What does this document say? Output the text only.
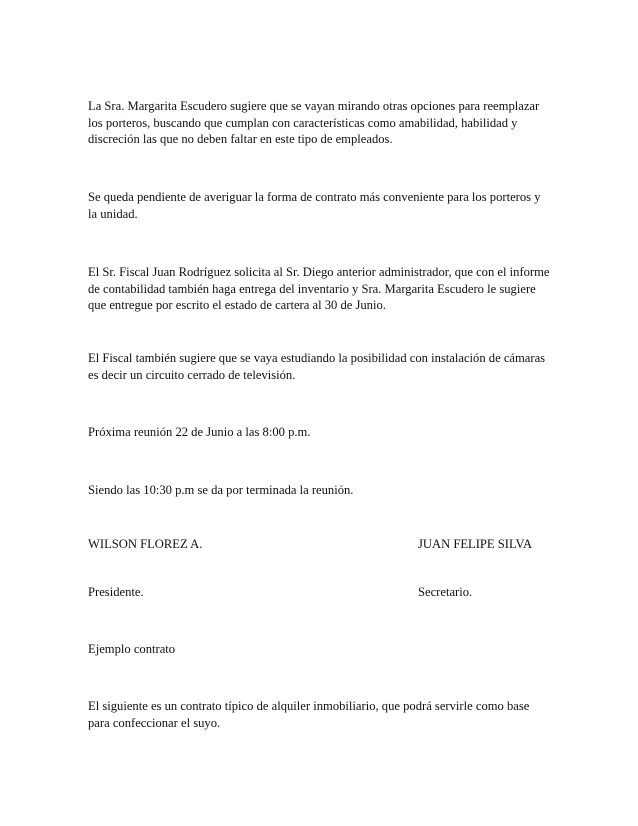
La Sra. Margarita Escudero sugiere que se vayan mirando otras opciones para reemplazar los porteros, buscando que cumplan con características como amabilidad, habilidad y discreción las que no deben faltar en este tipo de empleados.

Se queda pendiente de averiguar la forma de contrato más conveniente para los porteros y la unidad.

El Sr. Fiscal Juan Rodríguez solicita al Sr. Diego anterior administrador, que con el informe de contabilidad también haga entrega del inventario y Sra. Margarita Escudero le sugiere que entregue por escrito el estado de cartera al 30 de Junio.

El Fiscal también sugiere que se vaya estudiando la posibilidad con instalación de cámaras es decir un circuito cerrado de televisión.

Próxima reunión 22 de Junio a las 8:00 p.m.

Siendo las 10:30 p.m se da por terminada la reunión.

WILSON FLOREZ A.	JUAN FELIPE SILVA

Presidente.	Secretario.

Ejemplo contrato

El siguiente es un contrato típico de alquiler inmobiliario, que podrá servirle como base para confeccionar el suyo.
